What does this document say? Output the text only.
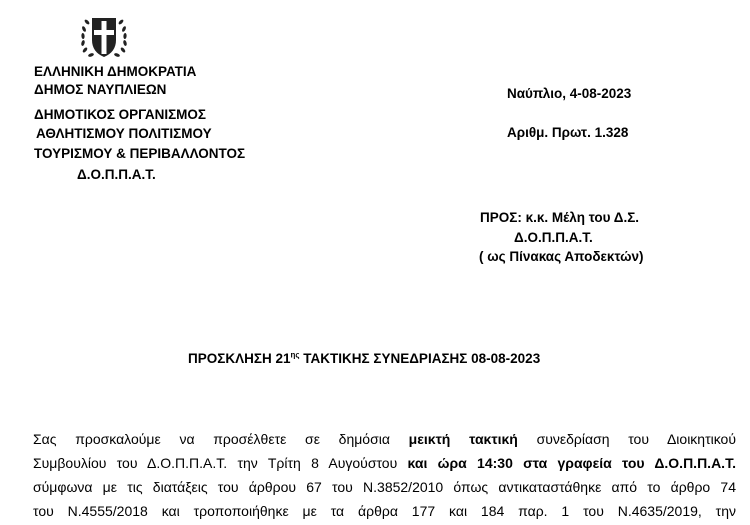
ΕΛΛΗΝΙΚΗ ΔΗΜΟΚΡΑΤΙΑ
ΔΗΜΟΣ ΝΑΥΠΛΙΕΩΝ
ΔΗΜΟΤΙΚΟΣ ΟΡΓΑΝΙΣΜΟΣ
ΑΘΛΗΤΙΣΜΟΥ ΠΟΛΙΤΙΣΜΟΥ
ΤΟΥΡΙΣΜΟΥ & ΠΕΡΙΒΑΛΛΟΝΤΟΣ
Δ.Ο.Π.Π.Α.Τ.
Ναύπλιο, 4-08-2023
Αριθμ. Πρωτ. 1.328
ΠΡΟΣ: κ.κ. Μέλη του Δ.Σ.
Δ.Ο.Π.Π.Α.Τ.
( ως Πίνακας Αποδεκτών)
ΠΡΟΣΚΛΗΣΗ $21^{\eta\varsigma}$ ΤΑΚΤΙΚΗΣ ΣΥΝΕΔΡΙΑΣΗΣ 08-08-2023
Σας προσκαλούμε να προσέλθετε σε δημόσια μεικτή τακτική συνεδρίαση του Διοικητικού
Συμβουλίου του Δ.Ο.Π.Π.Α.Τ. την Τρίτη 8 Αυγούστου και ώρα 14:30 στα γραφεία του Δ.Ο.Π.Π.Α.Τ.
σύμφωνα με τις διατάξεις του άρθρου 67 του Ν.3852/2010 όπως αντικαταστάθηκε από το άρθρο 74
του Ν.4555/2018 και τροποποιήθηκε με τα άρθρα 177 και 184 παρ. 1 του Ν.4635/2019, την
